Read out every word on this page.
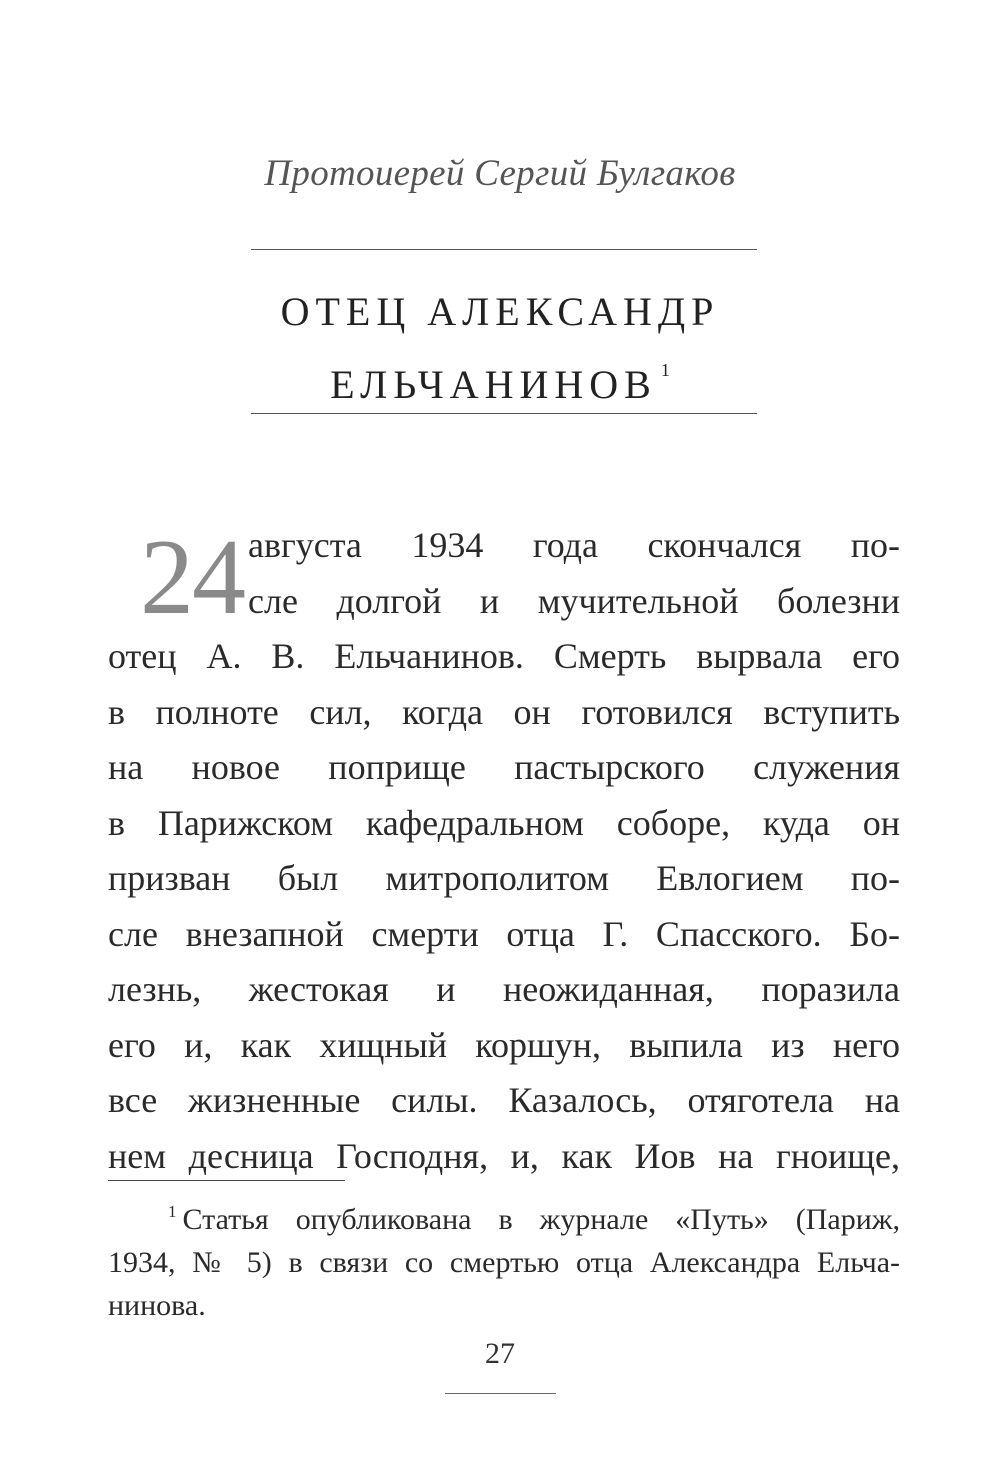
Протоиерей Сергий Булгаков
ОТЕЦ АЛЕКСАНДР
ЕЛЬЧАНИНОВ $^1$
24 августа 1934 года скончался по-
сле долгой и мучительной болезни
отец А. В. Ельчанинов. Смерть вырвала его
в полноте сил, когда он готовился вступить
на новое поприще пастырского служения
в Парижском кафедральном соборе, куда он
призван был митрополитом Евлогием по-
сле внезапной смерти отца Г. Спасского. Бо-
лезнь, жестокая и неожиданная, поразила
его и, как хищный коршун, выпила из него
все жизненные силы. Казалось, отяготела на
нем десница Господня, и, как Иов на гноище,
$^1$ Статья опубликована в журнале «Путь» (Париж,
1934, № 5) в связи со смертью отца Александра Ельча-
нинова.
27
